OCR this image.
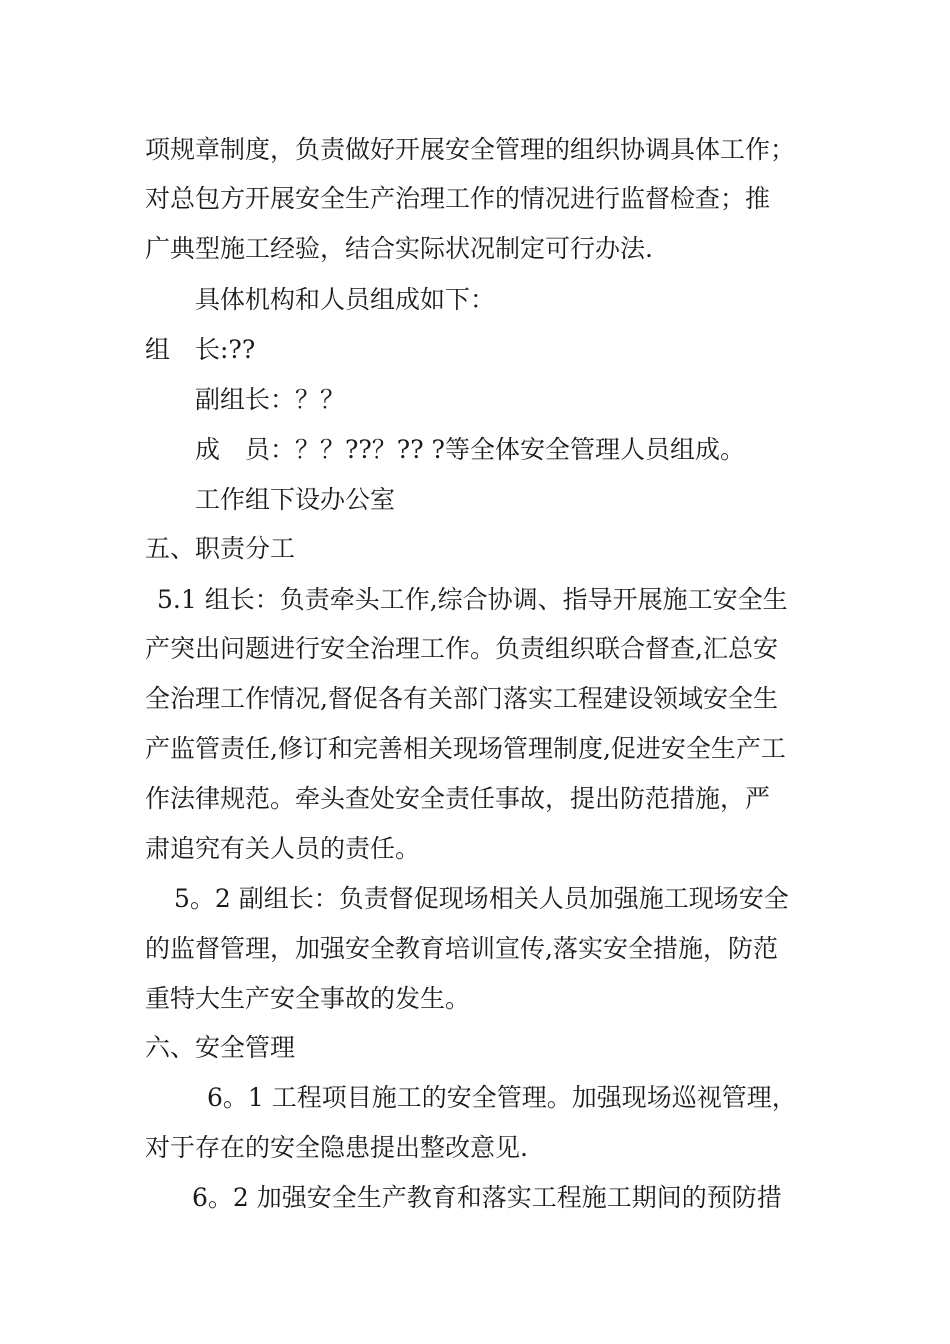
项规章制度，负责做好开展安全管理的组织协调具体工作；
对总包方开展安全生产治理工作的情况进行监督检查；推
广典型施工经验，结合实际状况制定可行办法.
具体机构和人员组成如下：
组　长:??
副组长：？？
成　员：？？??？?? ?等全体安全管理人员组成。
工作组下设办公室
五、职责分工
5.1 组长：负责牵头工作,综合协调、指导开展施工安全生
产突出问题进行安全治理工作。负责组织联合督查,汇总安
全治理工作情况,督促各有关部门落实工程建设领域安全生
产监管责任,修订和完善相关现场管理制度,促进安全生产工
作法律规范。牵头查处安全责任事故，提出防范措施，严
肃追究有关人员的责任。
5。2 副组长：负责督促现场相关人员加强施工现场安全
的监督管理，加强安全教育培训宣传,落实安全措施，防范
重特大生产安全事故的发生。
六、安全管理
6。1 工程项目施工的安全管理。加强现场巡视管理，
对于存在的安全隐患提出整改意见.
6。2 加强安全生产教育和落实工程施工期间的预防措
